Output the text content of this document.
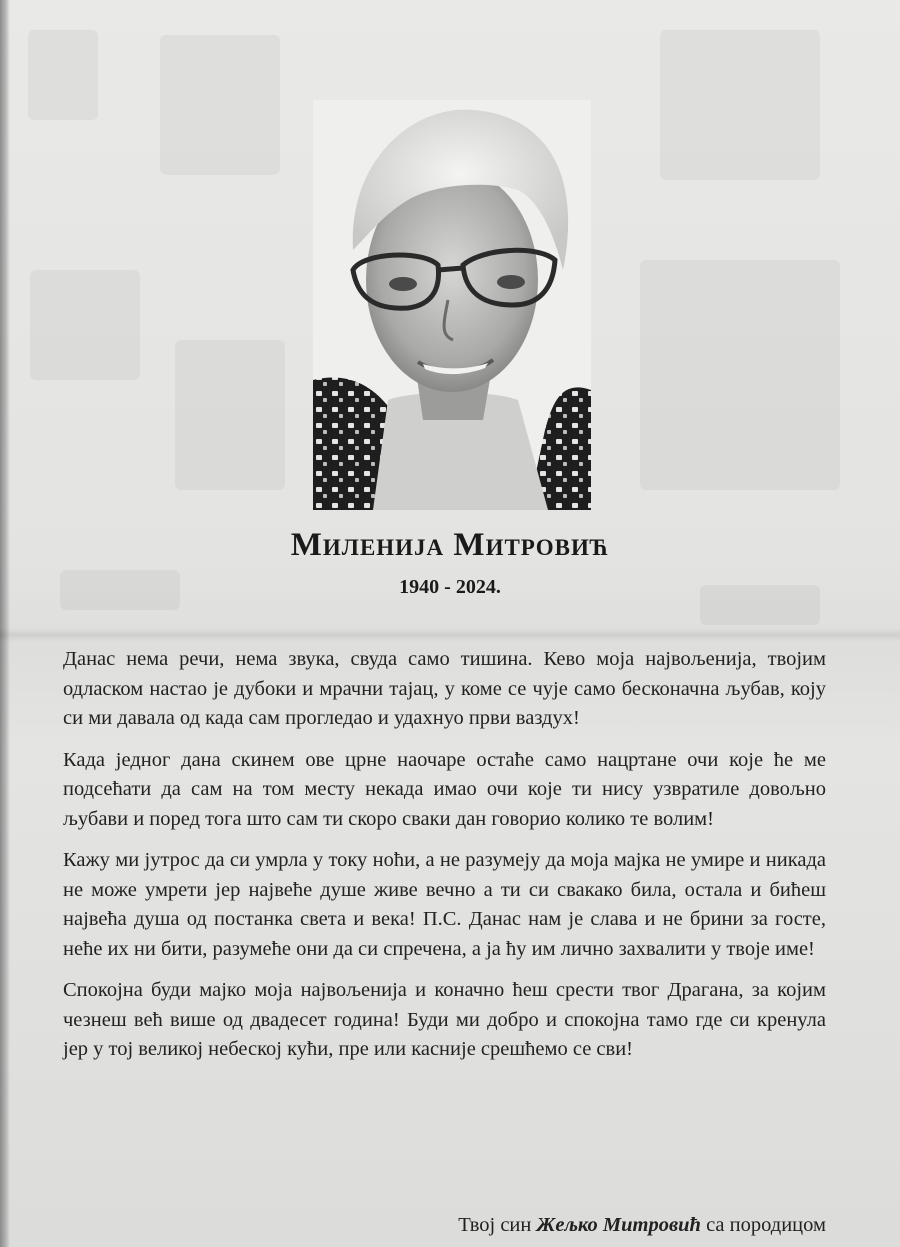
Миленија Митровић
1940 - 2024.

Данас нема речи, нема звука, свуда само тишина. Кево моја највољенија, твојим одласком настао је дубоки и мрачни тајац, у коме се чује само бесконачна љубав, коју си ми давала од када сам прогледао и удахнуо први ваздух!

Када једног дана скинем ове црне наочаре остаће само нацртане очи које ће ме подсећати да сам на том месту некада имао очи које ти нису узвратиле довољно љубави и поред тога што сам ти скоро сваки дан говорио колико те волим!

Кажу ми јутрос да си умрла у току ноћи, а не разумеју да моја мајка не умире и никада не може умрети јер највеће душе живе вечно а ти си свакако била, остала и бићеш највећа душа од постанка света и века! П.С. Данас нам је слава и не брини за госте, неће их ни бити, разумеће они да си спречена, а ја ћу им лично захвалити у твоје име!

Спокојна буди мајко моја највољенија и коначно ћеш срести твог Драгана, за којим чезнеш већ више од двадесет година! Буди ми добро и спокојна тамо где си кренула јер у тој великој небеској кући, пре или касније срешћемо се сви!

Твој син Жељко Митровић са породицом
